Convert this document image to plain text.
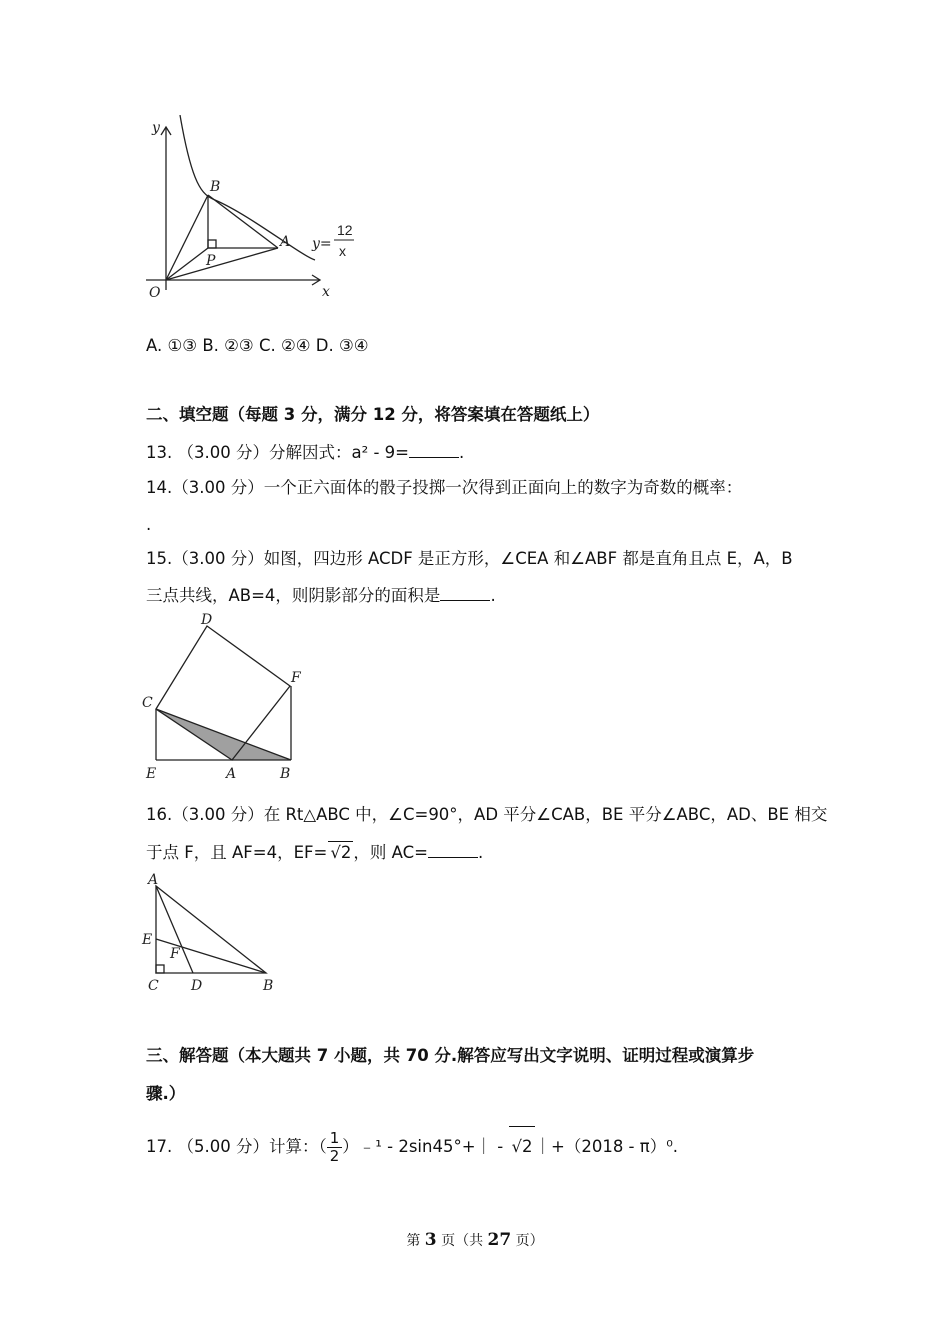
y
x
O
A
B
P
y=
12
x
A. ①③ B. ②③ C. ②④ D. ③④
二、填空题（每题 3 分，满分 12 分，将答案填在答题纸上）
13. （3.00 分）分解因式：a² ‑ 9=	.
14.（3.00 分）一个正六面体的骰子投掷一次得到正面向上的数字为奇数的概率：
.
15.（3.00 分）如图，四边形 ACDF 是正方形，∠CEA 和∠ABF 都是直角且点 E，A，B
三点共线，AB=4，则阴影部分的面积是	.
D
F
C
E	A	B
16.（3.00 分）在 Rt△ABC 中，∠C=90°，AD 平分∠CAB，BE 平分∠ABC，AD、BE 相交
于点 F，且 AF=4，EF= √2 ，则 AC=	.
A
E
F
C D	B
三、解答题（本大题共 7 小题，共 70 分.解答应写出文字说明、证明过程或演算步
骤.）
17. （5.00 分）计算：（ $\frac{1}{2}$ ）﹣¹ ‑ 2sin45°+｜ ‑ √2 ｜+（2018 ‑ π）⁰.
第 3 页（共 27 页）
